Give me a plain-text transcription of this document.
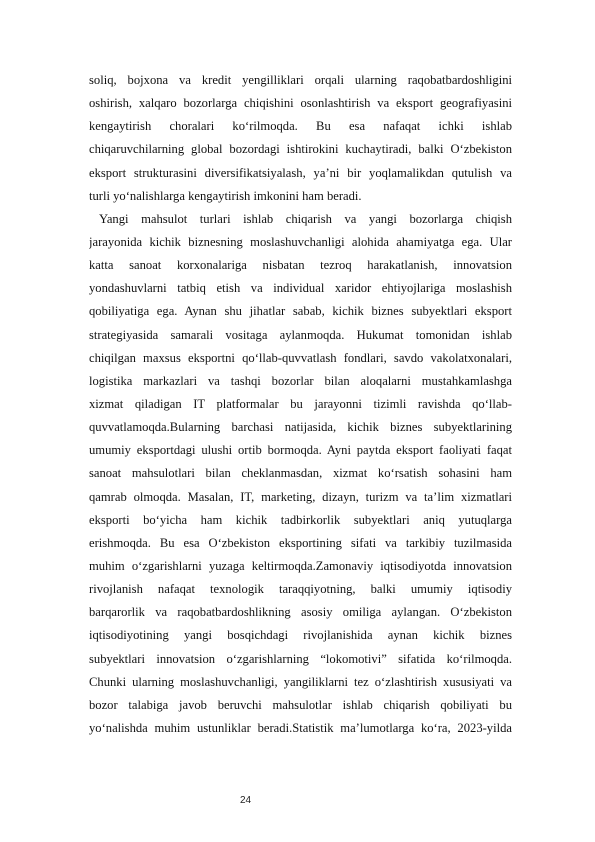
soliq, bojxona va kredit yengilliklari orqali ularning raqobatbardoshligini
oshirish, xalqaro bozorlarga chiqishini osonlashtirish va eksport geografiyasini
kengaytirish choralari ko‘rilmoqda. Bu esa nafaqat ichki ishlab
chiqaruvchilarning global bozordagi ishtirokini kuchaytiradi, balki O‘zbekiston
eksport strukturasini diversifikatsiyalash, ya’ni bir yoqlamalikdan qutulish va
turli yo‘nalishlarga kengaytirish imkonini ham beradi.
Yangi mahsulot turlari ishlab chiqarish va yangi bozorlarga chiqish
jarayonida kichik biznesning moslashuvchanligi alohida ahamiyatga ega. Ular
katta sanoat korxonalariga nisbatan tezroq harakatlanish, innovatsion
yondashuvlarni tatbiq etish va individual xaridor ehtiyojlariga moslashish
qobiliyatiga ega. Aynan shu jihatlar sabab, kichik biznes subyektlari eksport
strategiyasida samarali vositaga aylanmoqda. Hukumat tomonidan ishlab
chiqilgan maxsus eksportni qo‘llab-quvvatlash fondlari, savdo vakolatxonalari,
logistika markazlari va tashqi bozorlar bilan aloqalarni mustahkamlashga
xizmat qiladigan IT platformalar bu jarayonni tizimli ravishda qo‘llab-
quvvatlamoqda.Bularning barchasi natijasida, kichik biznes subyektlarining
umumiy eksportdagi ulushi ortib bormoqda. Ayni paytda eksport faoliyati faqat
sanoat mahsulotlari bilan cheklanmasdan, xizmat ko‘rsatish sohasini ham
qamrab olmoqda. Masalan, IT, marketing, dizayn, turizm va ta’lim xizmatlari
eksporti bo‘yicha ham kichik tadbirkorlik subyektlari aniq yutuqlarga
erishmoqda. Bu esa O‘zbekiston eksportining sifati va tarkibiy tuzilmasida
muhim o‘zgarishlarni yuzaga keltirmoqda.Zamonaviy iqtisodiyotda innovatsion
rivojlanish nafaqat texnologik taraqqiyotning, balki umumiy iqtisodiy
barqarorlik va raqobatbardoshlikning asosiy omiliga aylangan. O‘zbekiston
iqtisodiyotining yangi bosqichdagi rivojlanishida aynan kichik biznes
subyektlari innovatsion o‘zgarishlarning “lokomotivi” sifatida ko‘rilmoqda.
Chunki ularning moslashuvchanligi, yangiliklarni tez o‘zlashtirish xususiyati va
bozor talabiga javob beruvchi mahsulotlar ishlab chiqarish qobiliyati bu
yo‘nalishda muhim ustunliklar beradi.Statistik ma’lumotlarga ko‘ra, 2023-yilda
24
